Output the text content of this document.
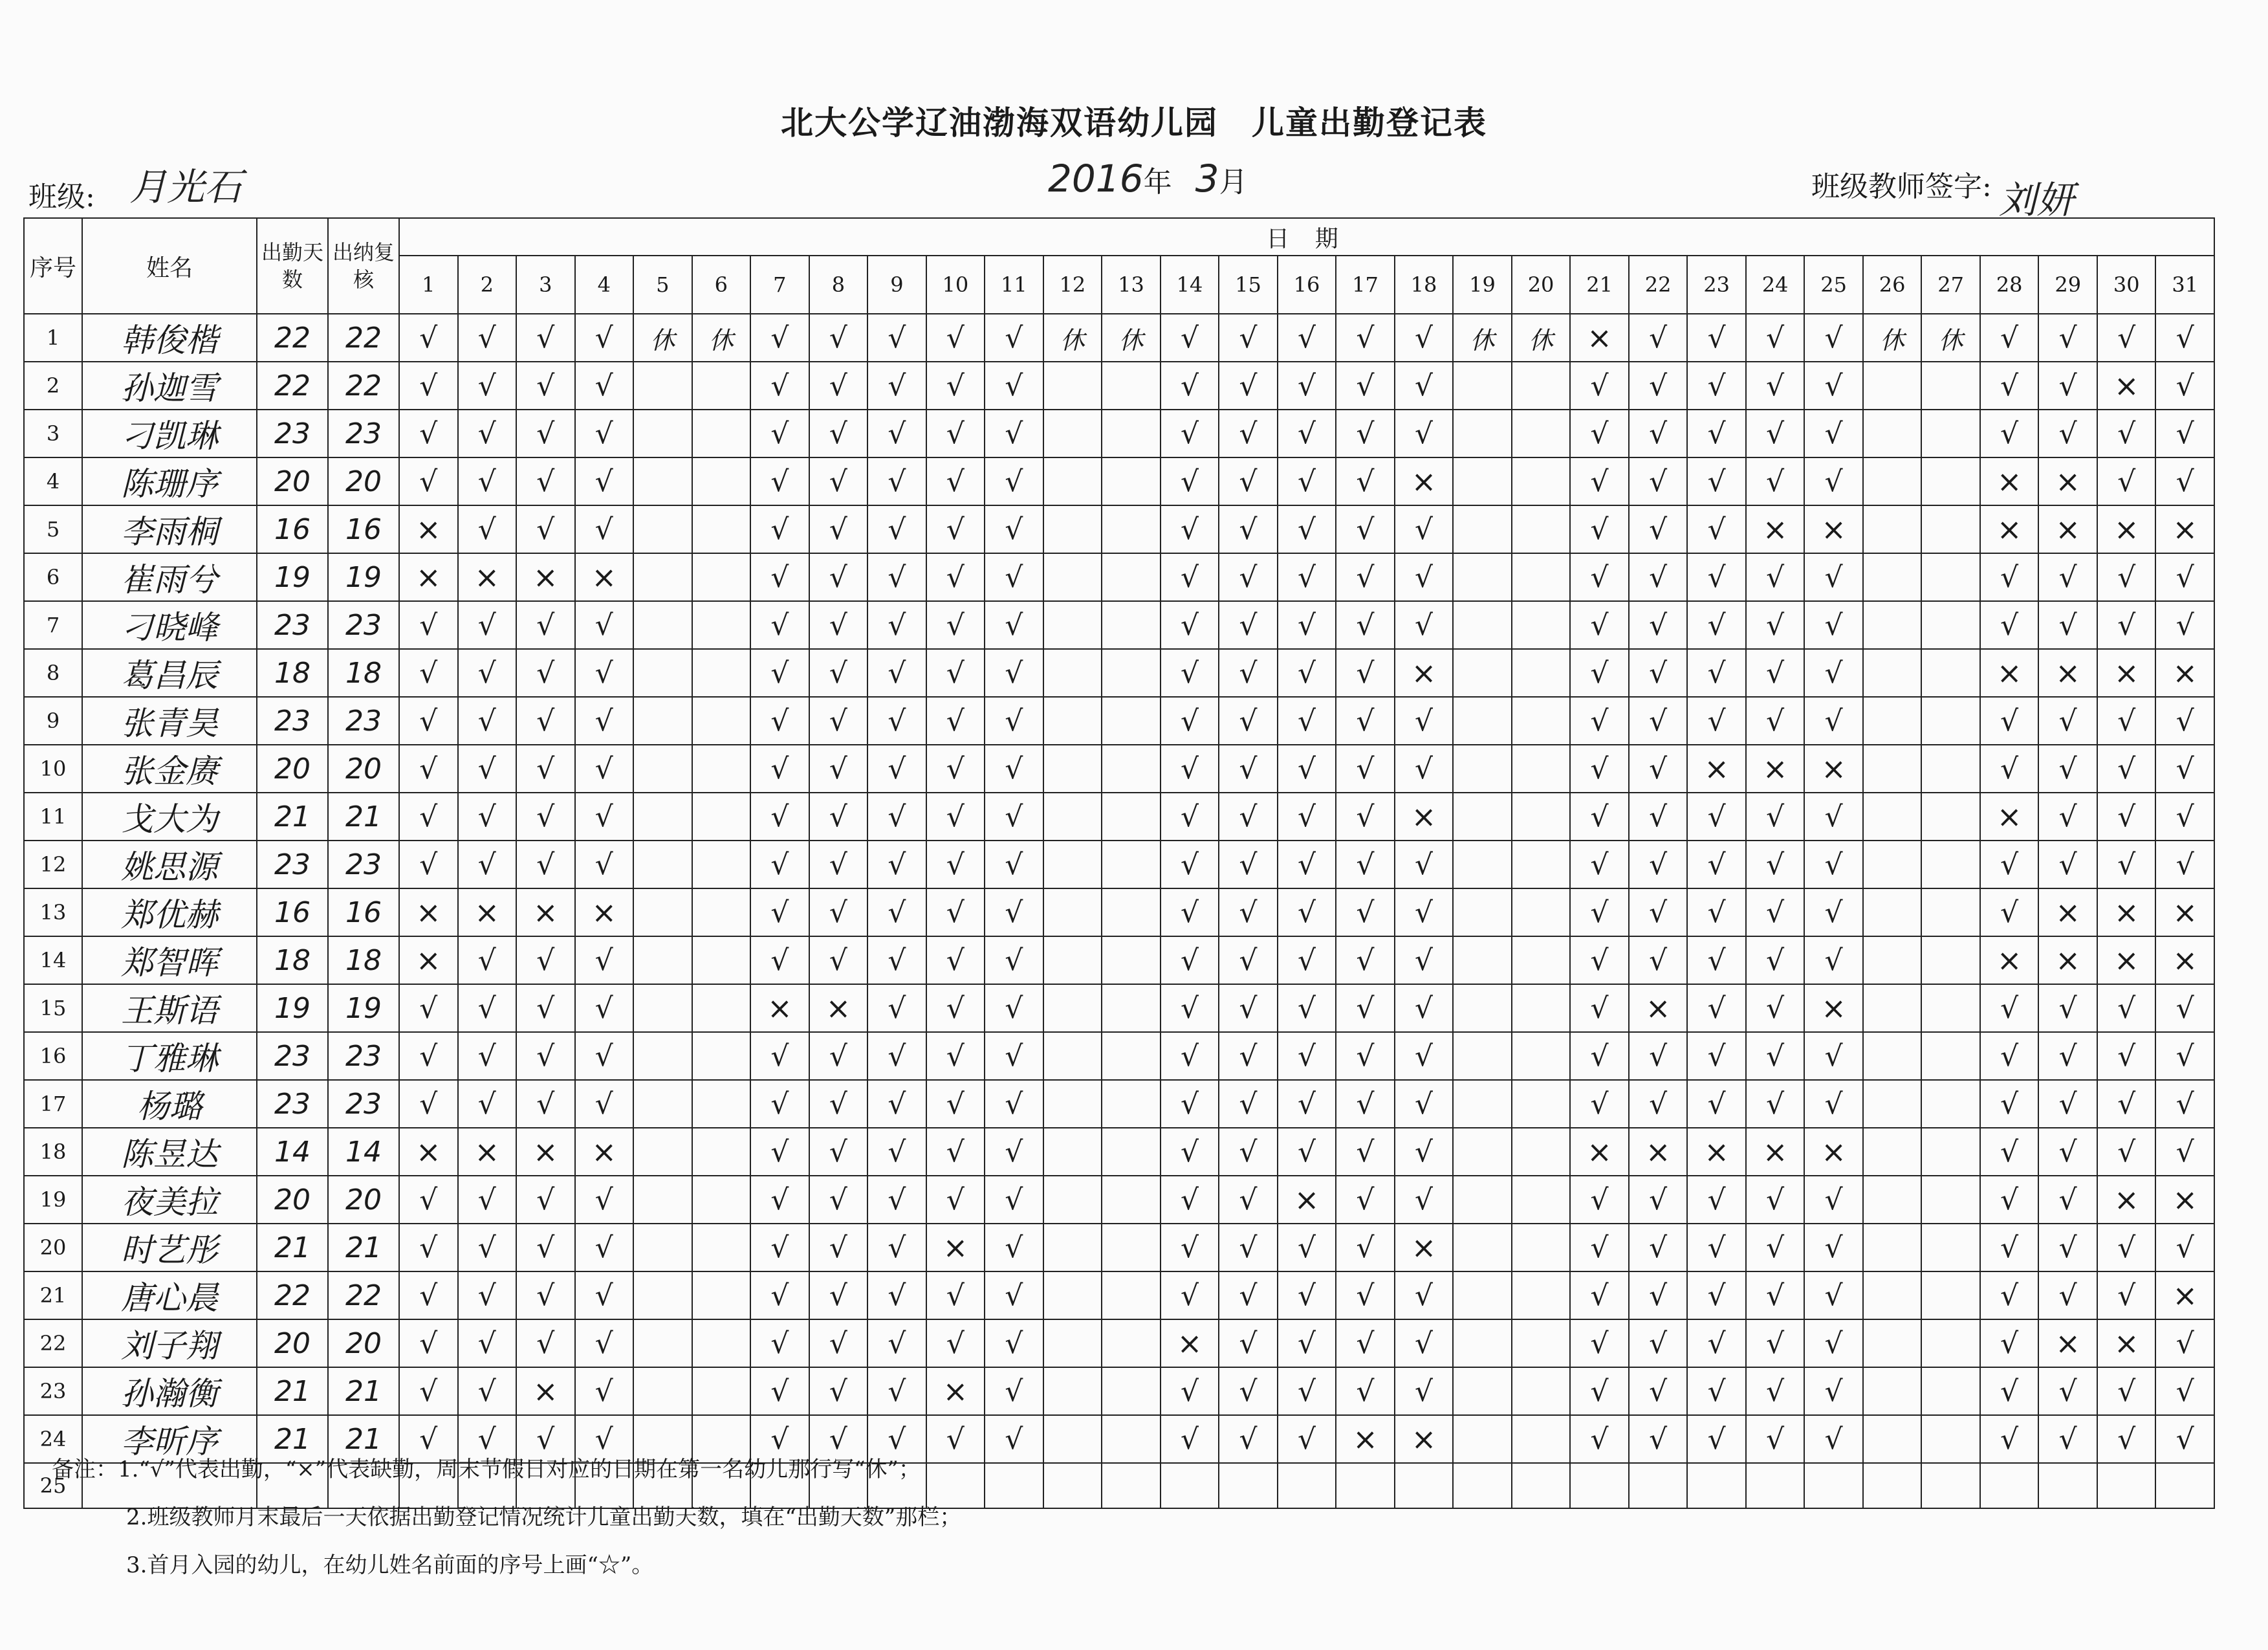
北大公学辽油渤海双语幼儿园 儿童出勤登记表
班级: 月光石	2016年 3月	班级教师签字: 刘妍
序号	姓名	出勤天数	出纳复核	日 期																														
				1	2	3	4	5	6	7	8	9	10	11	12	13	14	15	16	17	18	19	20	21	22	23	24	25	26	27	28	29	30	31
1	韩俊楷	22	22	√	√	√	√	休	休	√	√	√	√	√	休	休	√	√	√	√	√	休	休	×	√	√	√	√	休	休	√	√	√	√
2	孙迦雪	22	22	√	√	√	√			√	√	√	√	√			√	√	√	√	√			√	√	√	√	√			√	√	×	√
3	刁凯琳	23	23	√	√	√	√			√	√	√	√	√			√	√	√	√	√			√	√	√	√	√			√	√	√	√
4	陈珊序	20	20	√	√	√	√			√	√	√	√	√			√	√	√	√	×			√	√	√	√	√			×	×	√	√
5	李雨桐	16	16	×	√	√	√			√	√	√	√	√			√	√	√	√	√			√	√	√	×	×			×	×	×	×
6	崔雨兮	19	19	×	×	×	×			√	√	√	√	√			√	√	√	√	√			√	√	√	√	√			√	√	√	√
7	刁晓峰	23	23	√	√	√	√			√	√	√	√	√			√	√	√	√	√			√	√	√	√	√			√	√	√	√
8	葛昌辰	18	18	√	√	√	√			√	√	√	√	√			√	√	√	√	×			√	√	√	√	√			×	×	×	×
9	张青昊	23	23	√	√	√	√			√	√	√	√	√			√	√	√	√	√			√	√	√	√	√			√	√	√	√
10	张金赓	20	20	√	√	√	√			√	√	√	√	√			√	√	√	√	√			√	√	×	×	×			√	√	√	√
11	戈大为	21	21	√	√	√	√			√	√	√	√	√			√	√	√	√	×			√	√	√	√	√			×	√	√	√
12	姚思源	23	23	√	√	√	√			√	√	√	√	√			√	√	√	√	√			√	√	√	√	√			√	√	√	√
13	郑优赫	16	16	×	×	×	×			√	√	√	√	√			√	√	√	√	√			√	√	√	√	√			√	×	×	×
14	郑智晖	18	18	×	√	√	√			√	√	√	√	√			√	√	√	√	√			√	√	√	√	√			×	×	×	×
15	王斯语	19	19	√	√	√	√			×	×	√	√	√			√	√	√	√	√			√	×	√	√	×			√	√	√	√
16	丁雅琳	23	23	√	√	√	√			√	√	√	√	√			√	√	√	√	√			√	√	√	√	√			√	√	√	√
17	杨璐	23	23	√	√	√	√			√	√	√	√	√			√	√	√	√	√			√	√	√	√	√			√	√	√	√
18	陈昱达	14	14	×	×	×	×			√	√	√	√	√			√	√	√	√	√			×	×	×	×	×			√	√	√	√
19	夜美拉	20	20	√	√	√	√			√	√	√	√	√			√	√	×	√	√			√	√	√	√	√			√	√	×	×
20	时艺彤	21	21	√	√	√	√			√	√	√	×	√			√	√	√	√	×			√	√	√	√	√			√	√	√	√
21	唐心晨	22	22	√	√	√	√			√	√	√	√	√			√	√	√	√	√			√	√	√	√	√			√	√	√	×
22	刘子翔	20	20	√	√	√	√			√	√	√	√	√			×	√	√	√	√			√	√	√	√	√			√	×	×	√
23	孙瀚衡	21	21	√	√	×	√			√	√	√	×	√			√	√	√	√	√			√	√	√	√	√			√	√	√	√
24	李昕序	21	21	√	√	√	√			√	√	√	√	√			√	√	√	×	×			√	√	√	√	√			√	√	√	√
25																																		
备注：1.“√”代表出勤，“×”代表缺勤，周末节假日对应的日期在第一名幼儿那行写“休”；
2.班级教师月末最后一天依据出勤登记情况统计儿童出勤天数，填在“出勤天数”那栏；
3.首月入园的幼儿，在幼儿姓名前面的序号上画“☆”。
